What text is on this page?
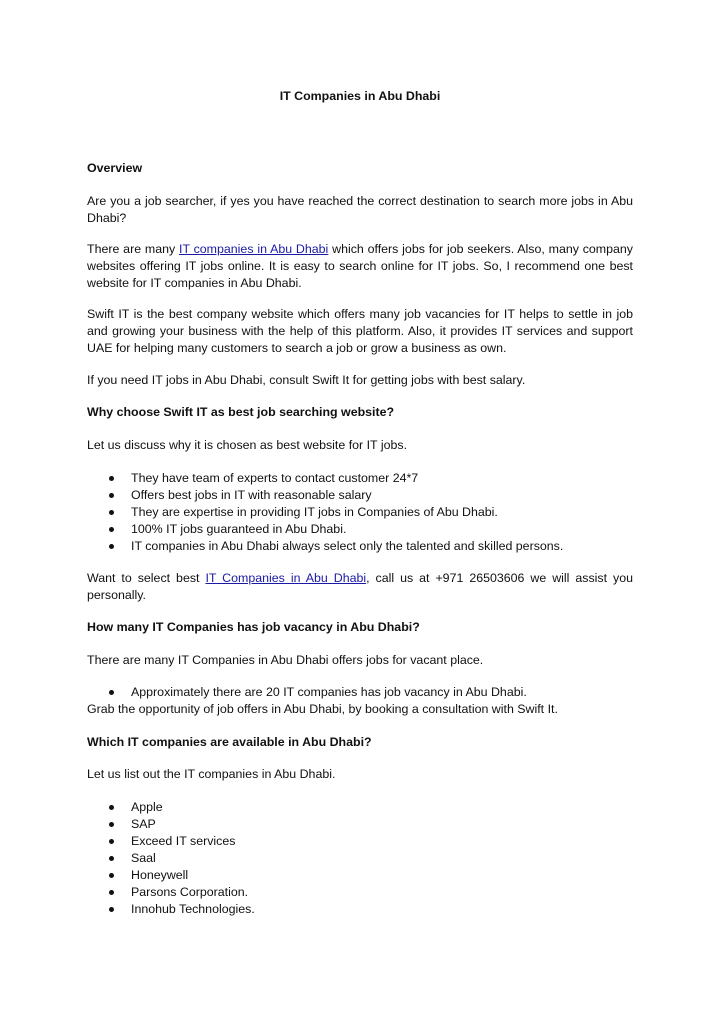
IT Companies in Abu Dhabi
Overview

Are you a job searcher, if yes you have reached the correct destination to search more jobs in Abu Dhabi?

There are many IT companies in Abu Dhabi which offers jobs for job seekers. Also, many company websites offering IT jobs online. It is easy to search online for IT jobs. So, I recommend one best website for IT companies in Abu Dhabi.

Swift IT is the best company website which offers many job vacancies for IT helps to settle in job and growing your business with the help of this platform. Also, it provides IT services and support UAE for helping many customers to search a job or grow a business as own.

If you need IT jobs in Abu Dhabi, consult Swift It for getting jobs with best salary.

Why choose Swift IT as best job searching website?

Let us discuss why it is chosen as best website for IT jobs.

They have team of experts to contact customer 24*7
Offers best jobs in IT with reasonable salary
They are expertise in providing IT jobs in Companies of Abu Dhabi.
100% IT jobs guaranteed in Abu Dhabi.
IT companies in Abu Dhabi always select only the talented and skilled persons.

Want to select best IT Companies in Abu Dhabi, call us at +971 26503606 we will assist you personally.

How many IT Companies has job vacancy in Abu Dhabi?

There are many IT Companies in Abu Dhabi offers jobs for vacant place.

Approximately there are 20 IT companies has job vacancy in Abu Dhabi.

Grab the opportunity of job offers in Abu Dhabi, by booking a consultation with Swift It.

Which IT companies are available in Abu Dhabi?

Let us list out the IT companies in Abu Dhabi.

Apple
SAP
Exceed IT services
Saal
Honeywell
Parsons Corporation.
Innohub Technologies.
